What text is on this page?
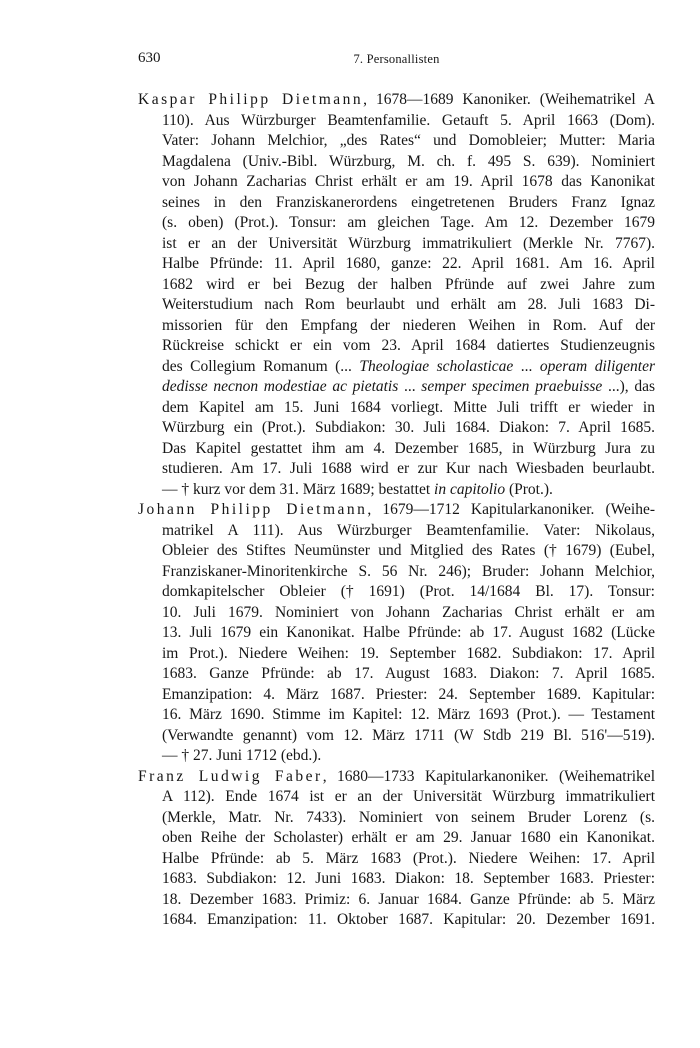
630	7. Personallisten
Kaspar Philipp Dietmann, 1678—1689 Kanoniker. (Weihematrikel A
110). Aus Würzburger Beamtenfamilie. Getauft 5. April 1663 (Dom).
Vater: Johann Melchior, „des Rates“ und Domobleier; Mutter: Maria
Magdalena (Univ.-Bibl. Würzburg, M. ch. f. 495 S. 639). Nominiert
von Johann Zacharias Christ erhält er am 19. April 1678 das Kanonikat
seines in den Franziskanerordens eingetretenen Bruders Franz Ignaz
(s. oben) (Prot.). Tonsur: am gleichen Tage. Am 12. Dezember 1679
ist er an der Universität Würzburg immatrikuliert (Merkle Nr. 7767).
Halbe Pfründe: 11. April 1680, ganze: 22. April 1681. Am 16. April
1682 wird er bei Bezug der halben Pfründe auf zwei Jahre zum
Weiterstudium nach Rom beurlaubt und erhält am 28. Juli 1683 Di-
missorien für den Empfang der niederen Weihen in Rom. Auf der
Rückreise schickt er ein vom 23. April 1684 datiertes Studienzeugnis
des Collegium Romanum (... Theologiae scholasticae ... operam diligenter
dedisse necnon modestiae ac pietatis ... semper specimen praebuisse ...), das
dem Kapitel am 15. Juni 1684 vorliegt. Mitte Juli trifft er wieder in
Würzburg ein (Prot.). Subdiakon: 30. Juli 1684. Diakon: 7. April 1685.
Das Kapitel gestattet ihm am 4. Dezember 1685, in Würzburg Jura zu
studieren. Am 17. Juli 1688 wird er zur Kur nach Wiesbaden beurlaubt.
— † kurz vor dem 31. März 1689; bestattet in capitolio (Prot.).
Johann Philipp Dietmann, 1679—1712 Kapitularkanoniker. (Weihe-
matrikel A 111). Aus Würzburger Beamtenfamilie. Vater: Nikolaus,
Obleier des Stiftes Neumünster und Mitglied des Rates († 1679) (Eubel,
Franziskaner-Minoritenkirche S. 56 Nr. 246); Bruder: Johann Melchior,
domkapitelscher Obleier († 1691) (Prot. 14/1684 Bl. 17). Tonsur:
10. Juli 1679. Nominiert von Johann Zacharias Christ erhält er am
13. Juli 1679 ein Kanonikat. Halbe Pfründe: ab 17. August 1682 (Lücke
im Prot.). Niedere Weihen: 19. September 1682. Subdiakon: 17. April
1683. Ganze Pfründe: ab 17. August 1683. Diakon: 7. April 1685.
Emanzipation: 4. März 1687. Priester: 24. September 1689. Kapitular:
16. März 1690. Stimme im Kapitel: 12. März 1693 (Prot.). — Testament
(Verwandte genannt) vom 12. März 1711 (W Stdb 219 Bl. 516'—519).
— † 27. Juni 1712 (ebd.).
Franz Ludwig Faber, 1680—1733 Kapitularkanoniker. (Weihematrikel
A 112). Ende 1674 ist er an der Universität Würzburg immatrikuliert
(Merkle, Matr. Nr. 7433). Nominiert von seinem Bruder Lorenz (s.
oben Reihe der Scholaster) erhält er am 29. Januar 1680 ein Kanonikat.
Halbe Pfründe: ab 5. März 1683 (Prot.). Niedere Weihen: 17. April
1683. Subdiakon: 12. Juni 1683. Diakon: 18. September 1683. Priester:
18. Dezember 1683. Primiz: 6. Januar 1684. Ganze Pfründe: ab 5. März
1684. Emanzipation: 11. Oktober 1687. Kapitular: 20. Dezember 1691.
